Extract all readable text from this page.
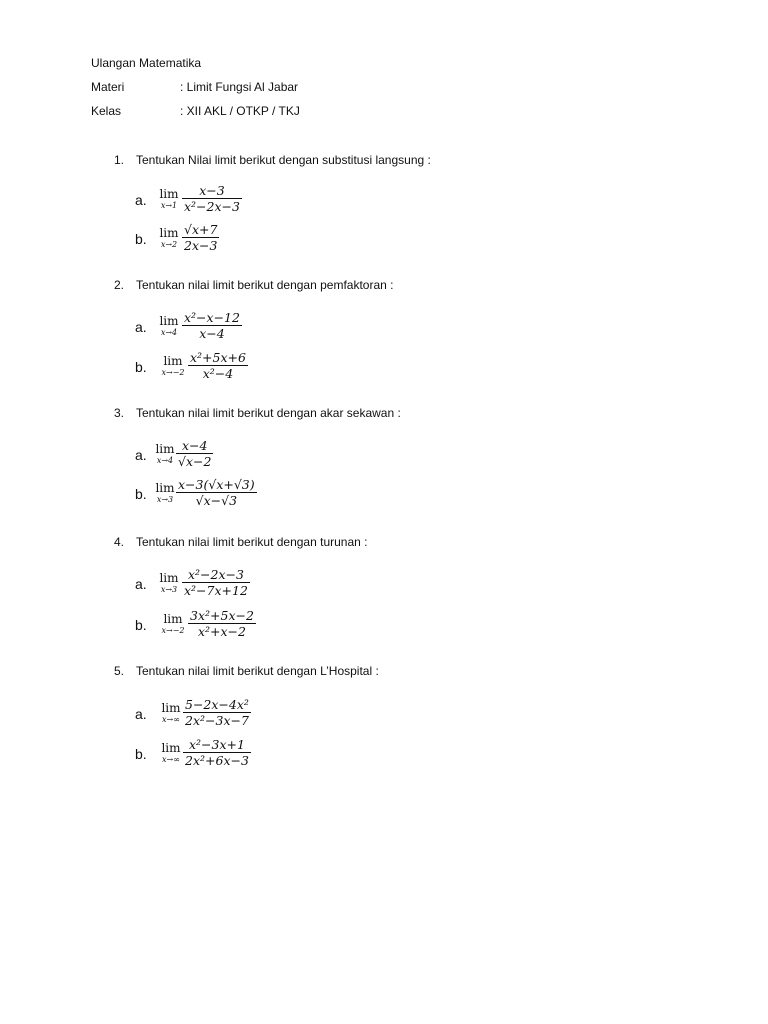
Ulangan Matematika
Materi	: Limit Fungsi Al Jabar
Kelas	: XII AKL / OTKP / TKJ
1. Tentukan Nilai limit berikut dengan substitusi langsung :
a.	lim
$x\to 1 \frac{x-3}{\text{x²−2x−3}}$
b.	lim
$x\to 2 \frac{√x+7}{2x-3}$
2. Tentukan nilai limit berikut dengan pemfaktoran :
a.	lim
$x\to 4 \frac{\text{x²−x−12}}{x-4}$
b.	lim
$x\to-2 \frac{\text{x²+5x+6}}{\text{x²−4}}$
3. Tentukan nilai limit berikut dengan akar sekawan :
a. lim
$x\to 4 \frac{x-4}{√x-2}$
b. lim
$x\to 3 \frac{x-3(√x+√3)}{√x-√3}$
4. Tentukan nilai limit berikut dengan turunan :
a.	lim
$x\to 3 \frac{\text{x²−2x−3}}{\text{x²−7x+12}}$
b.	lim
$x\to-2 \frac{\text{3x²+5x−2}}{\text{x²+x−2}}$
5. Tentukan nilai limit berikut dengan L’Hospital :
a.	lim
$x\to\infty \frac{\text{5−2x−4x²}}{\text{2x²−3x−7}}$
b.	lim
$x\to\infty \frac{\text{x²−3x+1}}{\text{2x²+6x−3}}$
